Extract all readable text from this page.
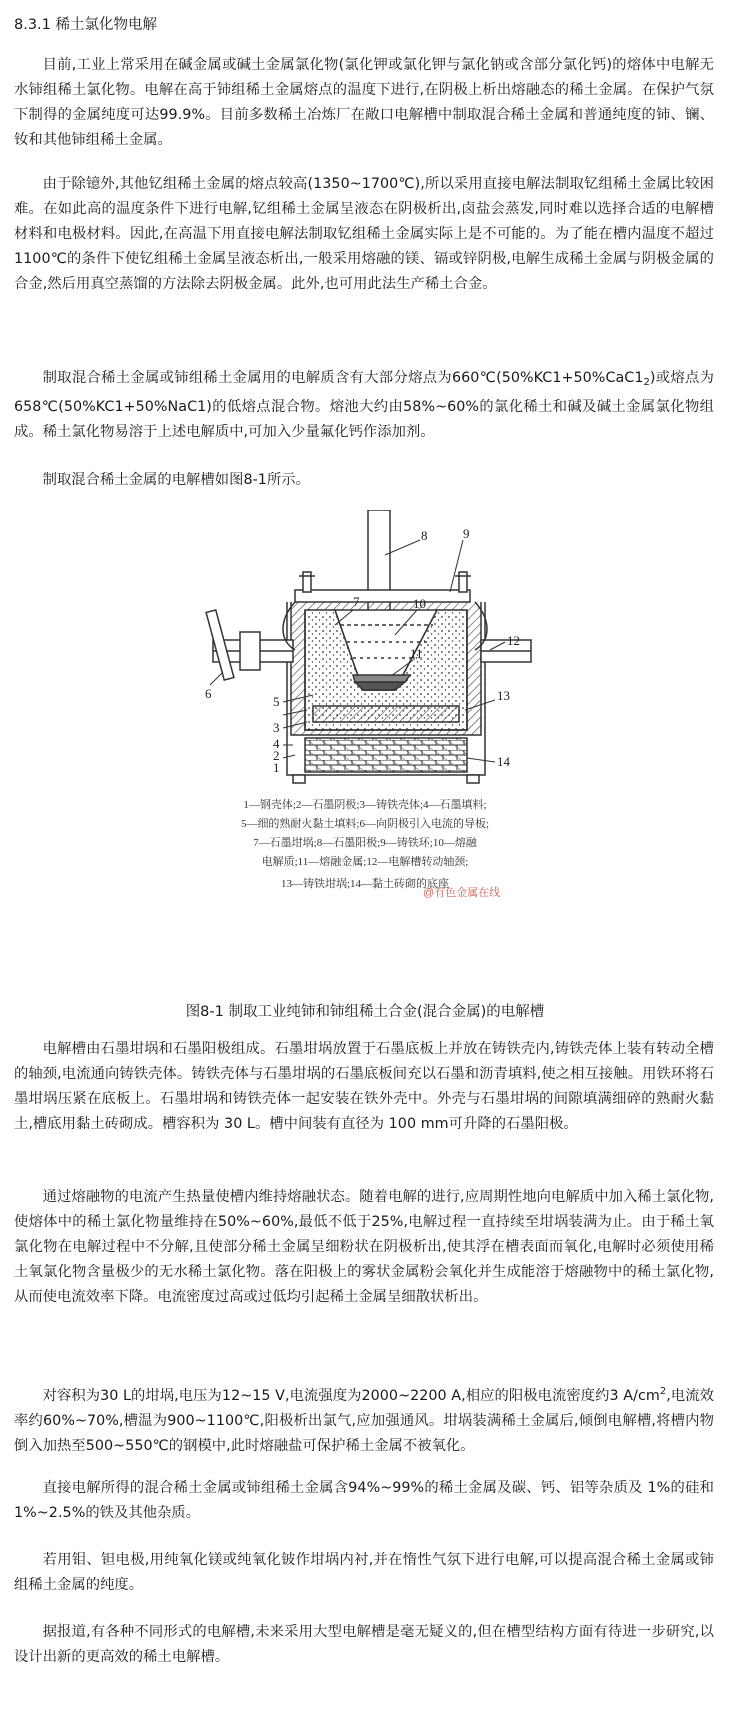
8.3.1 稀土氯化物电解

目前,工业上常采用在碱金属或碱土金属氯化物(氯化钾或氯化钾与氯化钠或含部分氯化钙)的熔体中电解无水铈组稀土氯化物。电解在高于铈组稀土金属熔点的温度下进行,在阴极上析出熔融态的稀土金属。在保护气氛下制得的金属纯度可达99.9%。目前多数稀土冶炼厂在敞口电解槽中制取混合稀土金属和普通纯度的铈、镧、钕和其他铈组稀土金属。

由于除镱外,其他钇组稀土金属的熔点较高(1350~1700℃),所以采用直接电解法制取钇组稀土金属比较困难。在如此高的温度条件下进行电解,钇组稀土金属呈液态在阴极析出,卤盐会蒸发,同时难以选择合适的电解槽材料和电极材料。因此,在高温下用直接电解法制取钇组稀土金属实际上是不可能的。为了能在槽内温度不超过1100℃的条件下使钇组稀土金属呈液态析出,一般采用熔融的镁、镉或锌阴极,电解生成稀土金属与阴极金属的合金,然后用真空蒸馏的方法除去阴极金属。此外,也可用此法生产稀土合金。

制取混合稀土金属或铈组稀土金属用的电解质含有大部分熔点为$660℃(50\%KC1+50\%CaC1_2)$或熔点为658℃(50%KC1+50%NaC1)的低熔点混合物。熔池大约由58%~60%的氯化稀土和碱及碱土金属氯化物组成。稀土氯化物易溶于上述电解质中,可加入少量氟化钙作添加剂。

制取混合稀土金属的电解槽如图8-1所示。

1
2
3
4
5
6
7
8	9
10
11
12
13
14
1—钢壳体;2—石墨阴极;3—铸铁壳体;4—石墨填料;
5—细的熟耐火黏土填料;6—向阴极引入电流的导板;
7—石墨坩埚;8—石墨阳极;9—铸铁环;10—熔融
电解质;11—熔融金属;12—电解槽转动轴颈;
13—铸铁坩埚;14—黏土砖砌的底座
@有色金属在线
图8-1 制取工业纯铈和铈组稀土合金(混合金属)的电解槽

电解槽由石墨坩埚和石墨阳极组成。石墨坩埚放置于石墨底板上并放在铸铁壳内,铸铁壳体上装有转动全槽的轴颈,电流通向铸铁壳体。铸铁壳体与石墨坩埚的石墨底板间充以石墨和沥青填料,使之相互接触。用铁环将石墨坩埚压紧在底板上。石墨坩埚和铸铁壳体一起安装在铁外壳中。外壳与石墨坩埚的间隙填满细碎的熟耐火黏土,槽底用黏土砖砌成。槽容积为 30 L。槽中间装有直径为 100 mm可升降的石墨阳极。

通过熔融物的电流产生热量使槽内维持熔融状态。随着电解的进行,应周期性地向电解质中加入稀土氯化物,使熔体中的稀土氯化物量维持在50%~60%,最低不低于25%,电解过程一直持续至坩埚装满为止。由于稀土氧氯化物在电解过程中不分解,且使部分稀土金属呈细粉状在阴极析出,使其浮在槽表面而氧化,电解时必须使用稀土氧氯化物含量极少的无水稀土氯化物。落在阳极上的雾状金属粉会氧化并生成能溶于熔融物中的稀土氯化物,从而使电流效率下降。电流密度过高或过低均引起稀土金属呈细散状析出。

对容积为30 L的坩埚,电压为12~15 V,电流强度为2000~2200 A,相应的阳极电流密度约3 $A/cm^2$,电流效率约60%~70%,槽温为900~1100℃,阳极析出氯气,应加强通风。坩埚装满稀土金属后,倾倒电解槽,将槽内物倒入加热至500~550℃的钢模中,此时熔融盐可保护稀土金属不被氧化。

直接电解所得的混合稀土金属或铈组稀土金属含94%~99%的稀土金属及碳、钙、铝等杂质及 1%的硅和1%~2.5%的铁及其他杂质。

若用钼、钽电极,用纯氧化镁或纯氧化铍作坩埚内衬,并在惰性气氛下进行电解,可以提高混合稀土金属或铈组稀土金属的纯度。

据报道,有各种不同形式的电解槽,未来采用大型电解槽是毫无疑义的,但在槽型结构方面有待进一步研究,以设计出新的更高效的稀土电解槽。
